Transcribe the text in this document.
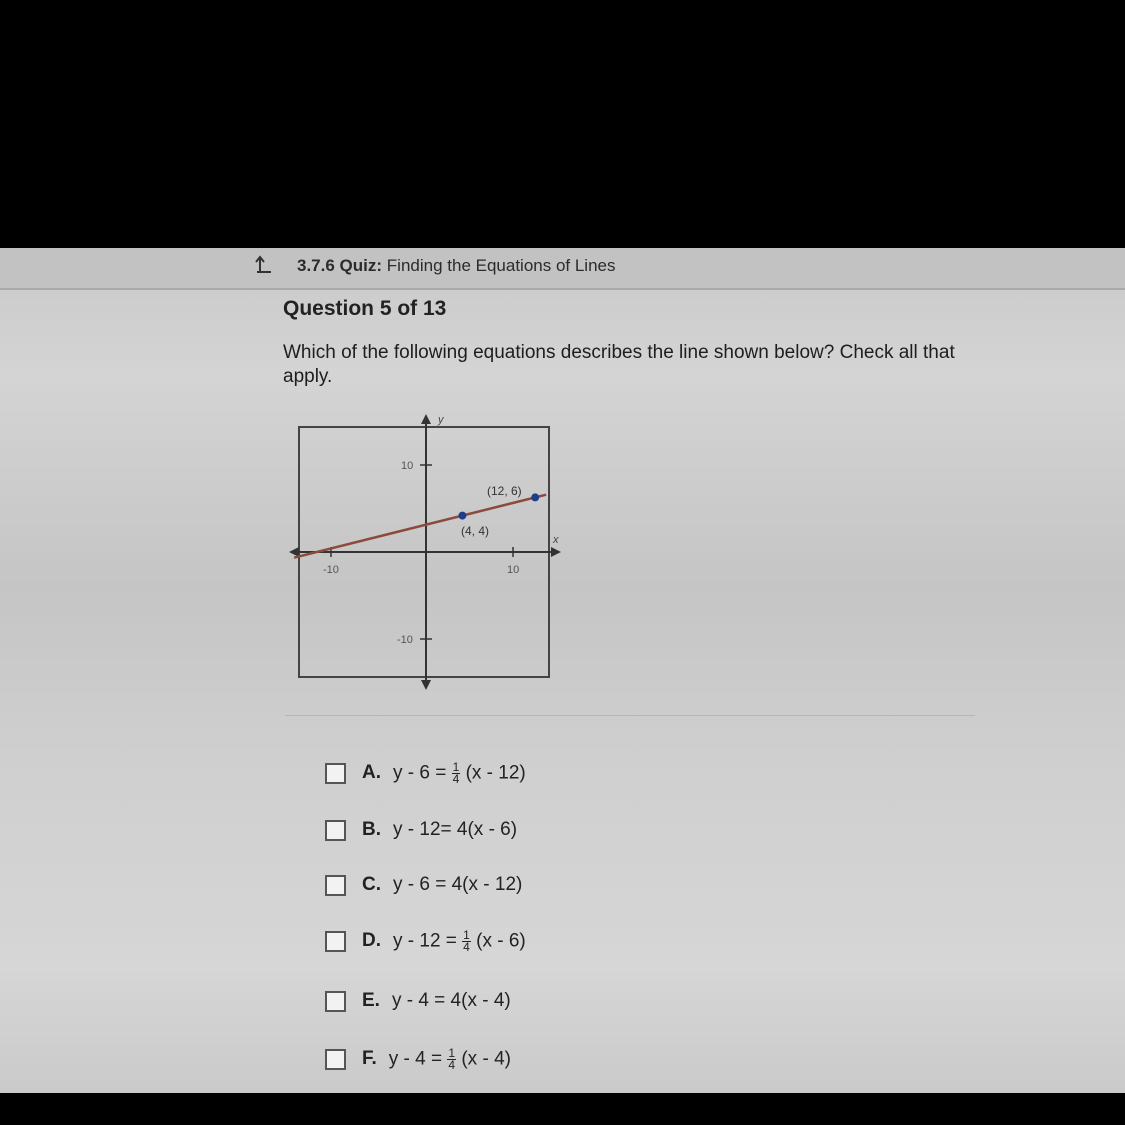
3.7.6 Quiz: Finding the Equations of Lines
Question 5 of 13
Which of the following equations describes the line shown below? Check all that apply.
y
x
-10	10
10
-10
(12, 6)
(4, 4)
A. $y - 6 = \frac{1}{4} (x - 12)$
B. y - 12= 4(x - 6)
C. y - 6 = 4(x - 12)
D. $y - 12 = \frac{1}{4} (x - 6)$
E. y - 4 = 4(x - 4)
F. $y - 4 = \frac{1}{4} (x - 4)$
